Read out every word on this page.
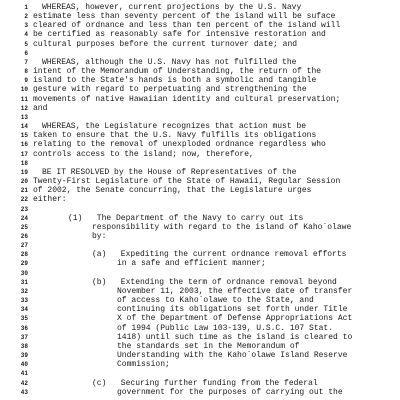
1 WHEREAS, however, current projections by the U.S. Navy
2 estimate less than seventy percent of the island will be suface
3 cleared of ordnance and less than ten percent of the island will
4 be certified as reasonably safe for intensive restoration and
5 cultural purposes before the current turnover date; and
6
7 WHEREAS, although the U.S. Navy has not fulfilled the
8 intent of the Memorandum of Understanding, the return of the
9 island to the State's hands is both a symbolic and tangible
10 gesture with regard to perpetuating and strengthening the
11 movements of native Hawaiian identity and cultural preservation;
12 and
13
14 WHEREAS, the Legislature recognizes that action must be
15 taken to ensure that the U.S. Navy fulfills its obligations
16 relating to the removal of unexploded ordnance regardless who
17 controls access to the island; now, therefore,
18
19 BE IT RESOLVED by the House of Representatives of the
20 Twenty-First Legislature of the State of Hawaii, Regular Session
21 of 2002, the Senate concurring, that the Legislature urges
22 either:
23
24	(1)   The Department of the Navy to carry out its
25	responsibility with regard to the island of Kaho`olawe
26	by:
27
28	(a)   Expediting the current ordnance removal efforts
29	in a safe and efficient manner;
30
31	(b)   Extending the term of ordnance removal beyond
32	November 11, 2003, the effective date of transfer
33	of access to Kaho`olawe to the State, and
34	continuing its obligations set forth under Title
35	X of the Department of Defense Appropriations Act
36	of 1994 (Public Law 103-139, U.S.C. 107 Stat.
37	1418) until such time as the island is cleared to
38	the standards set in the Memorandum of
39	Understanding with the Kaho`olawe Island Reserve
40	Commission;
41
42	(c)   Securing further funding from the federal
43	government for the purposes of carrying out the
